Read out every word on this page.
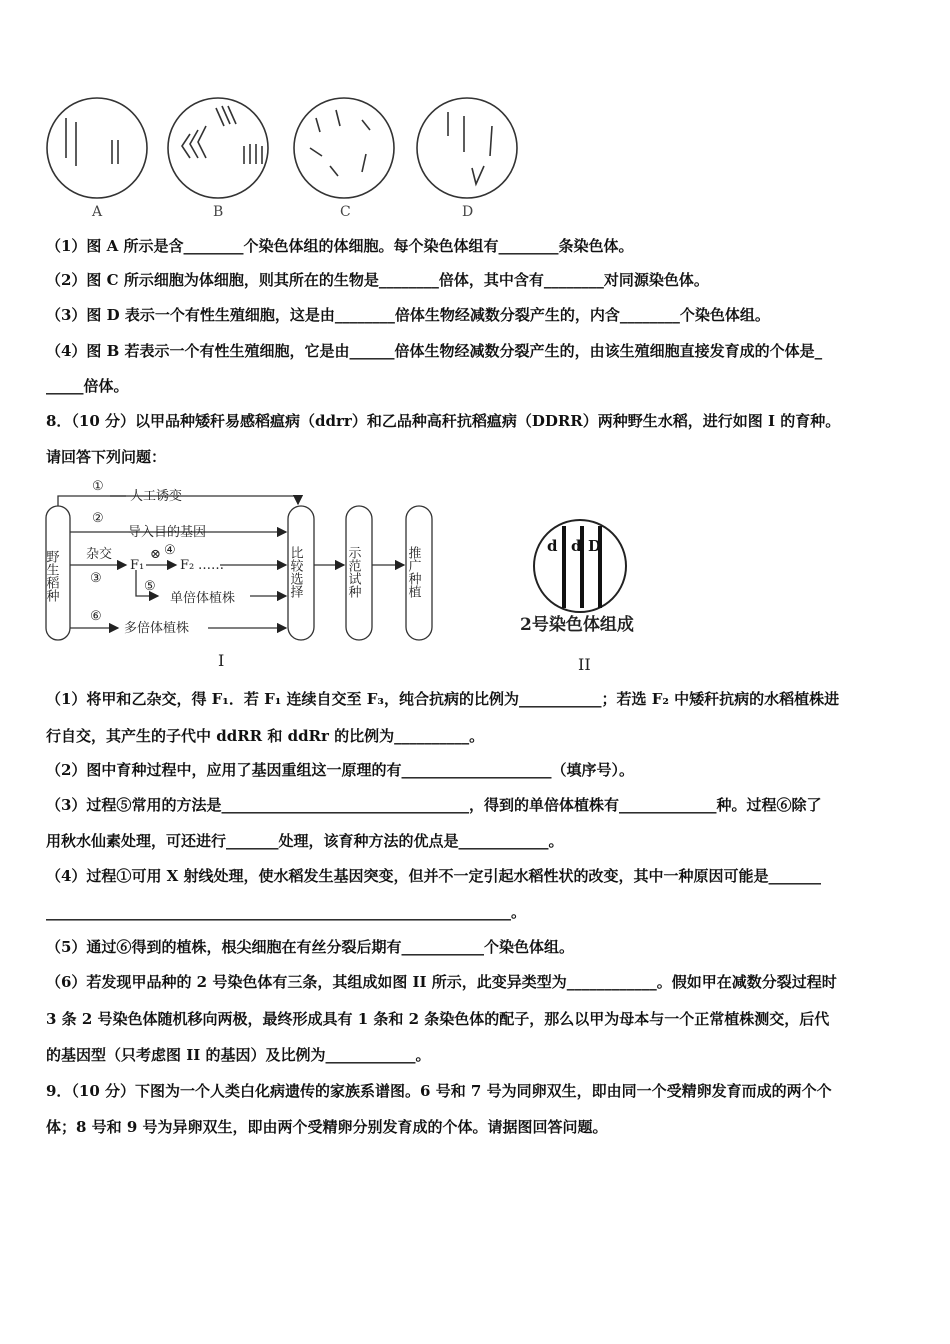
A	B	C	D
（1）图 A 所示是含________个染色体组的体细胞。每个染色体组有________条染色体。
（2）图 C 所示细胞为体细胞，则其所在的生物是________倍体，其中含有________对同源染色体。
（3）图 D 表示一个有性生殖细胞，这是由________倍体生物经减数分裂产生的，内含________个染色体组。
（4）图 B 若表示一个有性生殖细胞，它是由______倍体生物经减数分裂产生的，由该生殖细胞直接发育成的个体是_
_____倍体。
8．（10 分）以甲品种矮秆易感稻瘟病（ddrr）和乙品种高秆抗稻瘟病（DDRR）两种野生水稻，进行如图 I 的育种。
请回答下列问题：
野生稻种	比较选择	示范试种	推广种植
①
人工诱变
②
导入目的基因
杂交
③
F₁
⊗ ④
F₂ ……
⑤
单倍体植株
⑥
多倍体植株
I
d d D
2号染色体组成
II
（1）将甲和乙杂交，得 F₁．若 F₁ 连续自交至 F₃，纯合抗病的比例为___________；若选 F₂ 中矮秆抗病的水稻植株进
行自交，其产生的子代中 ddRR 和 ddRr 的比例为__________。
（2）图中育种过程中，应用了基因重组这一原理的有____________________（填序号）。
（3）过程⑤常用的方法是_________________________________，得到的单倍体植株有_____________种。过程⑥除了
用秋水仙素处理，可还进行_______处理，该育种方法的优点是____________。
（4）过程①可用 X 射线处理，使水稻发生基因突变，但并不一定引起水稻性状的改变，其中一种原因可能是_______
______________________________________________________________。
（5）通过⑥得到的植株，根尖细胞在有丝分裂后期有___________个染色体组。
（6）若发现甲品种的 2 号染色体有三条，其组成如图 II 所示，此变异类型为____________。假如甲在减数分裂过程时
3 条 2 号染色体随机移向两极，最终形成具有 1 条和 2 条染色体的配子，那么以甲为母本与一个正常植株测交，后代
的基因型（只考虑图 II 的基因）及比例为____________。
9．（10 分）下图为一个人类白化病遗传的家族系谱图。6 号和 7 号为同卵双生，即由同一个受精卵发育而成的两个个
体；8 号和 9 号为异卵双生，即由两个受精卵分别发育成的个体。请据图回答问题。
